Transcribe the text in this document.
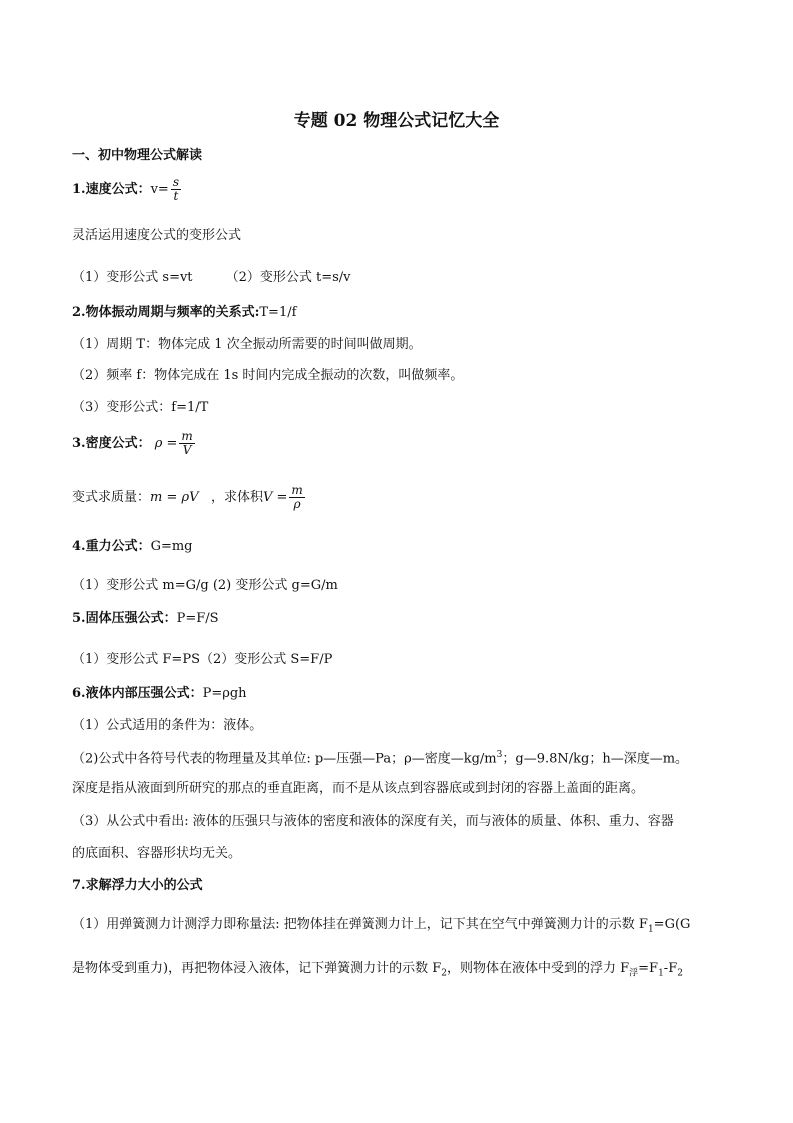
专题 02 物理公式记忆大全
一、初中物理公式解读
1.速度公式：$v= \frac{s}{t}$
灵活运用速度公式的变形公式
（1）变形公式 s=vt        （2）变形公式 t=s/v
2.物体振动周期与频率的关系式:T=1/f
（1）周期 T：物体完成 1 次全振动所需要的时间叫做周期。
（2）频率 f：物体完成在 1s 时间内完成全振动的次数，叫做频率。
（3）变形公式：f=1/T
3.密度公式： $\rho = \frac{m}{V}$
变式求质量：m = ρV ，求体积$V = \frac{m}{\rho}$
4.重力公式：G=mg
（1）变形公式 m=G/g (2) 变形公式 g=G/m
5.固体压强公式：P=F/S
（1）变形公式 F=PS（2）变形公式 S=F/P
6.液体内部压强公式：P=ρgh
（1）公式适用的条件为：液体。
（2)公式中各符号代表的物理量及其单位: p—压强—Pa；ρ—密度$—kg/m^3$；g—9.8N/kg；h—深度—m。
深度是指从液面到所研究的那点的垂直距离，而不是从该点到容器底或到封闭的容器上盖面的距离。
（3）从公式中看出: 液体的压强只与液体的密度和液体的深度有关，而与液体的质量、体积、重力、容器
的底面积、容器形状均无关。
7.求解浮力大小的公式
（1）用弹簧测力计测浮力即称量法: 把物体挂在弹簧测力计上，记下其在空气中弹簧测力计的示数 $F_1=G(G$
是物体受到重力)，再把物体浸入液体，记下弹簧测力计的示数 $F_2$，则物体在液体中受到的浮力 $F_浮=F_1-F_2$
